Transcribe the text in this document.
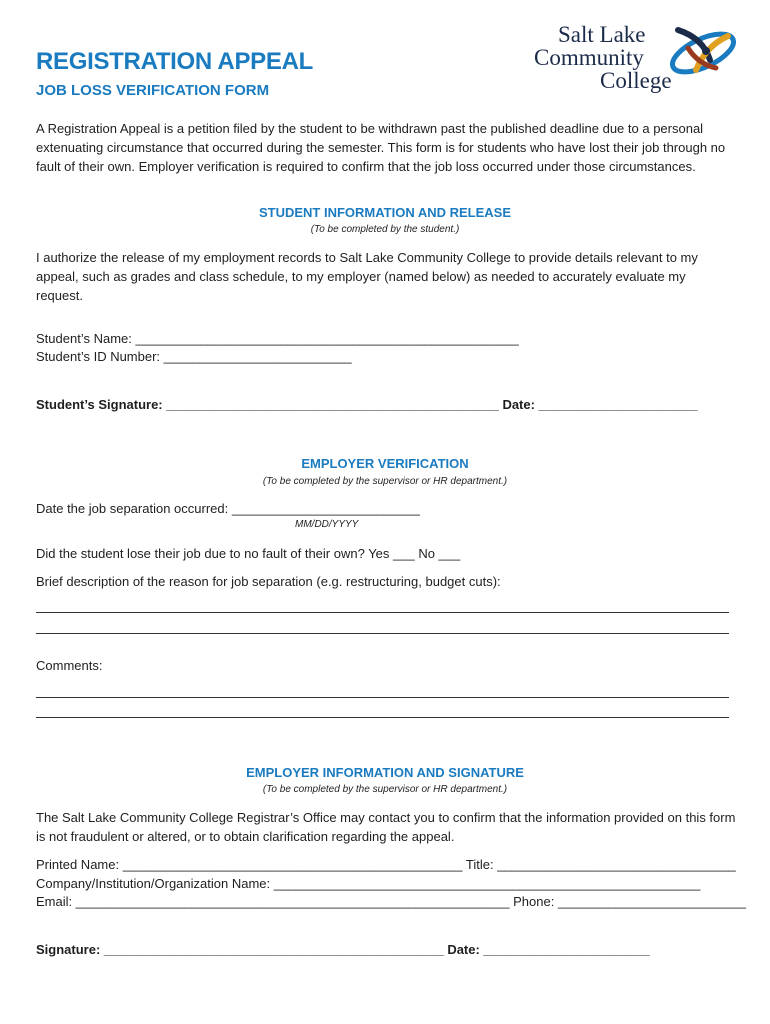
REGISTRATION APPEAL
JOB LOSS VERIFICATION FORM
Salt Lake
Community
College
A Registration Appeal is a petition filed by the student to be withdrawn past the published deadline due to a personal extenuating circumstance that occurred during the semester. This form is for students who have lost their job through no fault of their own. Employer verification is required to confirm that the job loss occurred under those circumstances.
STUDENT INFORMATION AND RELEASE
(To be completed by the student.)
I authorize the release of my employment records to Salt Lake Community College to provide details relevant to my appeal, such as grades and class schedule, to my employer (named below) as needed to accurately evaluate my request.
Student’s Name: _____________________________________________________
Student’s ID Number: __________________________
Student’s Signature: ______________________________________________ Date: ______________________
EMPLOYER VERIFICATION
(To be completed by the supervisor or HR department.)
Date the job separation occurred: __________________________
MM/DD/YYYY
Did the student lose their job due to no fault of their own? Yes ___ No ___
Brief description of the reason for job separation (e.g. restructuring, budget cuts):
Comments:
EMPLOYER INFORMATION AND SIGNATURE
(To be completed by the supervisor or HR department.)
The Salt Lake Community College Registrar’s Office may contact you to confirm that the information provided on this form is not fraudulent or altered, or to obtain clarification regarding the appeal.
Printed Name: _______________________________________________ Title: _________________________________
Company/Institution/Organization Name: ___________________________________________________________
Email: ____________________________________________________________ Phone: __________________________
Signature: _______________________________________________ Date: _______________________
